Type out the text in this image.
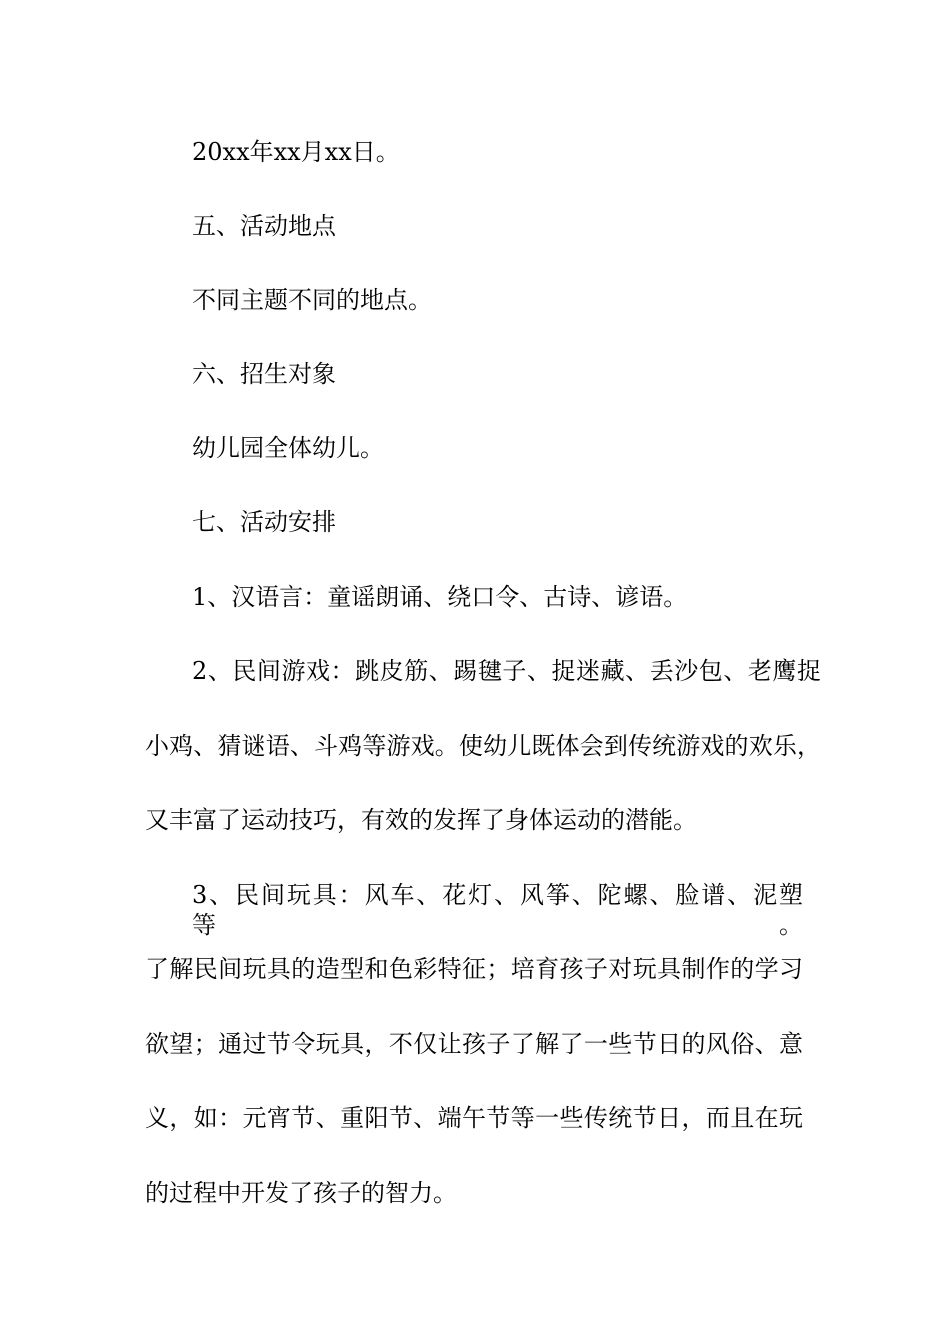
20xx年xx月xx日。

五、活动地点

不同主题不同的地点。

六、招生对象

幼儿园全体幼儿。

七、活动安排

1、汉语言：童谣朗诵、绕口令、古诗、谚语。

2、民间游戏：跳皮筋、踢毽子、捉迷藏、丢沙包、老鹰捉

小鸡、猜谜语、斗鸡等游戏。使幼儿既体会到传统游戏的欢乐，

又丰富了运动技巧，有效的发挥了身体运动的潜能。

3、民间玩具：风车、花灯、风筝、陀螺、脸谱、泥塑等。

了解民间玩具的造型和色彩特征；培育孩子对玩具制作的学习

欲望；通过节令玩具，不仅让孩子了解了一些节日的风俗、意

义，如：元宵节、重阳节、端午节等一些传统节日，而且在玩

的过程中开发了孩子的智力。
